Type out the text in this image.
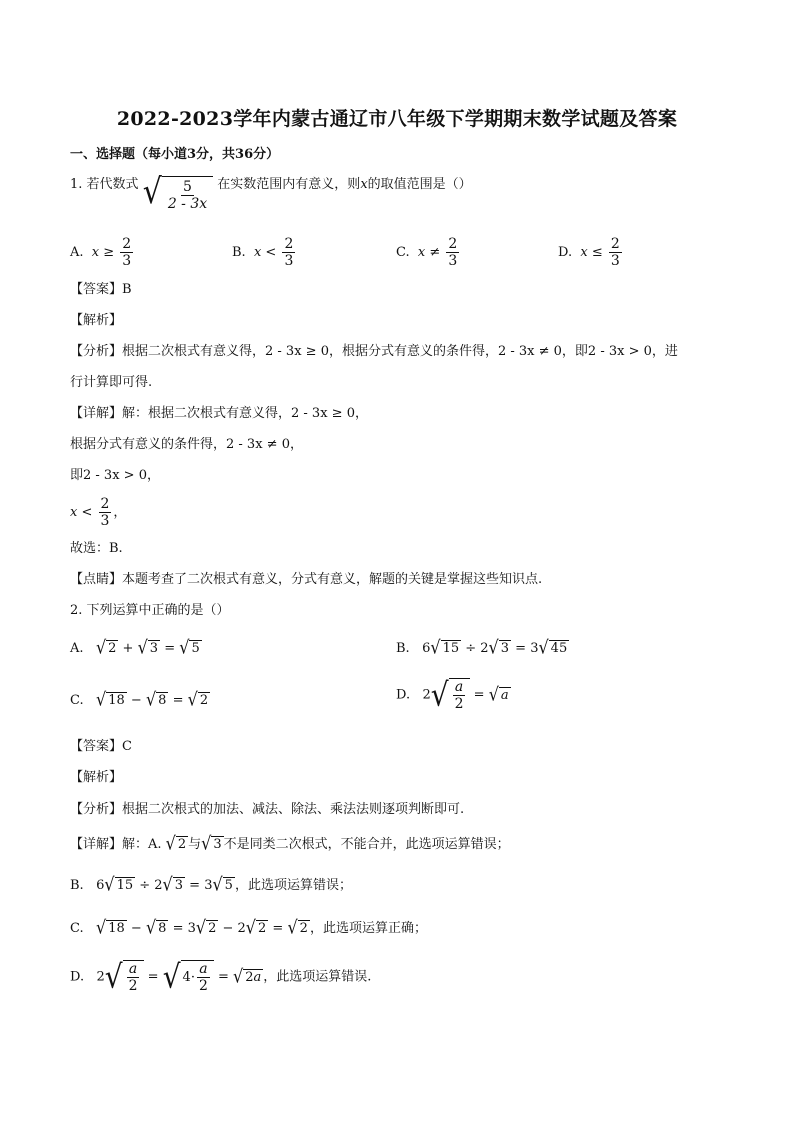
2022-2023学年内蒙古通辽市八年级下学期期末数学试题及答案
一、选择题（每小道3分，共36分）
1. 若代数式 √ $\frac{5}{2 - 3x}$ 在实数范围内有意义，则x的取值范围是（）
A. $x \ge \frac{2}{3}$	B. $x < \frac{2}{3}$	C. $x \ne \frac{2}{3}$	D. $x \le \frac{2}{3}$
【答案】B
【解析】
【分析】根据二次根式有意义得，2 - 3x ≥ 0，根据分式有意义的条件得，2 - 3x ≠ 0，即2 - 3x > 0，进
行计算即可得.
【详解】解：根据二次根式有意义得，2 - 3x ≥ 0，
根据分式有意义的条件得，2 - 3x ≠ 0，
即2 - 3x > 0，
$x < \frac{2}{3}$ ，
故选：B.
【点睛】本题考查了二次根式有意义，分式有意义，解题的关键是掌握这些知识点.
2. 下列运算中正确的是（）
A. √ 2 + √ 3 = √ 5	B.   6 √ 15 ÷ 2 √ 3 = 3 √ 45
C. √ 18 − √ 8 = √ 2	D.   2 √ $\frac{a}{2}$ = √ a
【答案】C
【解析】
【分析】根据二次根式的加法、减法、除法、乘法法则逐项判断即可.
【详解】解：A. √ 2 与 √ 3 不是同类二次根式，不能合并，此选项运算错误；
B.   6 √ 15 ÷ 2 √ 3 = 3 √ 5 ，此选项运算错误；
C. √ 18 − √ 8 = 3 √ 2 − 2 √ 2 = √ 2 ，此选项运算正确；
D.   2 √ $\frac{a}{2}$ = √ $4\cdot \frac{a}{2}$ = √ 2a ，此选项运算错误.
